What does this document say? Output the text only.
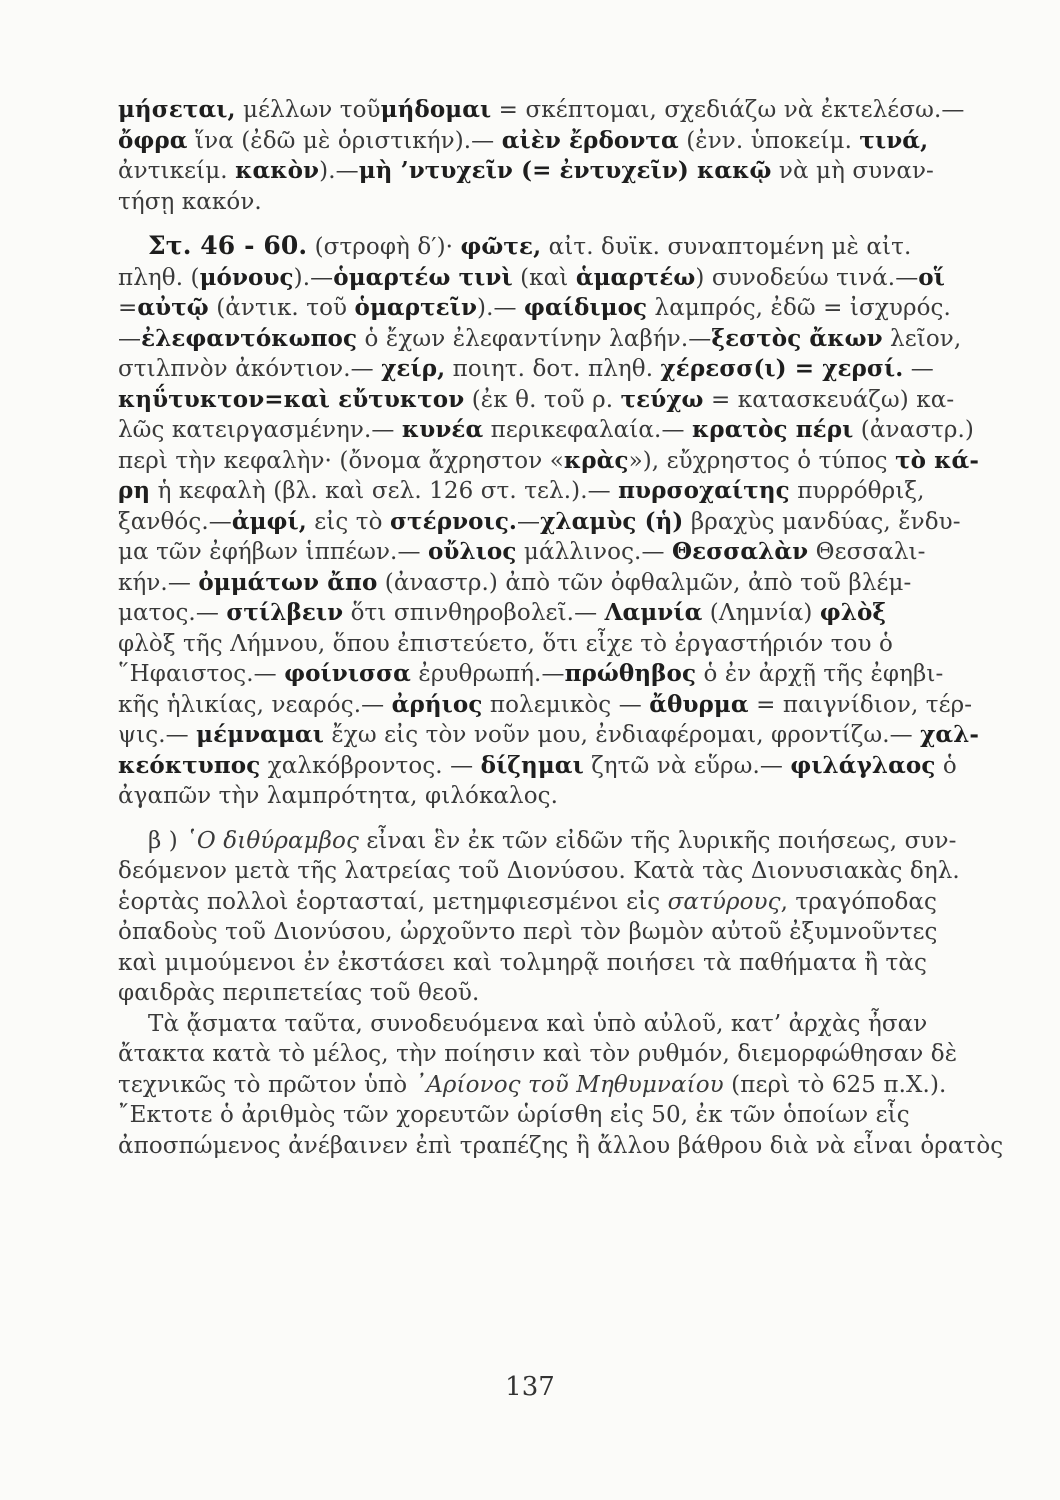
μήσεται, μέλλων τοῦμήδομαι = σκέπτομαι, σχεδιάζω νὰ ἐκτελέσω.—
ὄφρα ἵνα (ἐδῶ μὲ ὁριστικήν).— αἰὲν ἔρδοντα (ἐνν. ὑποκείμ. τινά,
ἀντικείμ. κακὸν).—μὴ ’ντυχεῖν (= ἐντυχεῖν) κακῷ νὰ μὴ συναν-
τήσῃ κακόν.
Στ. 46 - 60. (στροφὴ δ′)· φῶτε, αἰτ. δυϊκ. συναπτομένη μὲ αἰτ.
πληθ. (μόνους).—ὁμαρτέω τινὶ (καὶ ἁμαρτέω) συνοδεύω τινά.—οἵ
=αὐτῷ (ἀντικ. τοῦ ὁμαρτεῖν).— φαίδιμος λαμπρός, ἐδῶ = ἰσχυρός.
—ἐλεφαντόκωπος ὁ ἔχων ἐλεφαντίνην λαβήν.—ξεστὸς ἄκων λεῖον,
στιλπνὸν ἀκόντιον.— χείρ, ποιητ. δοτ. πληθ. χέρεσσ(ι) = χερσί. —
κηΰτυκτον=καὶ εὔτυκτον (ἐκ θ. τοῦ ρ. τεύχω = κατασκευάζω) κα-
λῶς κατειργασμένην.— κυνέα περικεφαλαία.— κρατὸς πέρι (ἀναστρ.)
περὶ τὴν κεφαλὴν· (ὄνομα ἄχρηστον «κρὰς»), εὔχρηστος ὁ τύπος τὸ κά-
ρη ἡ κεφαλὴ (βλ. καὶ σελ. 126 στ. τελ.).— πυρσοχαίτης πυρρόθριξ,
ξανθός.—ἀμφί, εἰς τὸ στέρνοις.—χλαμὺς (ἡ) βραχὺς μανδύας, ἔνδυ-
μα τῶν ἐφήβων ἱππέων.— οὔλιος μάλλινος.— Θεσσαλὰν Θεσσαλι-
κήν.— ὀμμάτων ἄπο (ἀναστρ.) ἀπὸ τῶν ὀφθαλμῶν, ἀπὸ τοῦ βλέμ-
ματος.— στίλβειν ὅτι σπινθηροβολεῖ.— Λαμνία (Λημνία) φλὸξ
φλὸξ τῆς Λήμνου, ὅπου ἐπιστεύετο, ὅτι εἶχε τὸ ἐργαστήριόν του ὁ
῞Ηφαιστος.— φοίνισσα ἐρυθρωπή.—πρώθηβος ὁ ἐν ἀρχῇ τῆς ἐφηβι-
κῆς ἡλικίας, νεαρός.— ἀρήιος πολεμικὸς — ἄθυρμα = παιγνίδιον, τέρ-
ψις.— μέμναμαι ἔχω εἰς τὸν νοῦν μου, ἐνδιαφέρομαι, φροντίζω.— χαλ-
κεόκτυπος χαλκόβροντος. — δίζημαι ζητῶ νὰ εὕρω.— φιλάγλαος ὁ
ἀγαπῶν τὴν λαμπρότητα, φιλόκαλος.
β ) ῾Ο διθύραμβος εἶναι ἓν ἐκ τῶν εἰδῶν τῆς λυρικῆς ποιήσεως, συν-
δεόμενον μετὰ τῆς λατρείας τοῦ Διονύσου. Κατὰ τὰς Διονυσιακὰς δηλ.
ἑορτὰς πολλοὶ ἑορτασταί, μετημφιεσμένοι εἰς σατύρους, τραγόποδας
ὀπαδοὺς τοῦ Διονύσου, ὠρχοῦντο περὶ τὸν βωμὸν αὐτοῦ ἐξυμνοῦντες
καὶ μιμούμενοι ἐν ἐκστάσει καὶ τολμηρᾷ ποιήσει τὰ παθήματα ἢ τὰς
φαιδρὰς περιπετείας τοῦ θεοῦ.
Τὰ ᾄσματα ταῦτα, συνοδευόμενα καὶ ὑπὸ αὐλοῦ, κατ’ ἀρχὰς ἦσαν
ἄτακτα κατὰ τὸ μέλος, τὴν ποίησιν καὶ τὸν ρυθμόν, διεμορφώθησαν δὲ
τεχνικῶς τὸ πρῶτον ὑπὸ ᾿Αρίονος τοῦ Μηθυμναίου (περὶ τὸ 625 π.Χ.).
῎Εκτοτε ὁ ἀριθμὸς τῶν χορευτῶν ὡρίσθη εἰς 50, ἐκ τῶν ὁποίων εἷς
ἀποσπώμενος ἀνέβαινεν ἐπὶ τραπέζης ἢ ἄλλου βάθρου διὰ νὰ εἶναι ὁρατὸς
137
